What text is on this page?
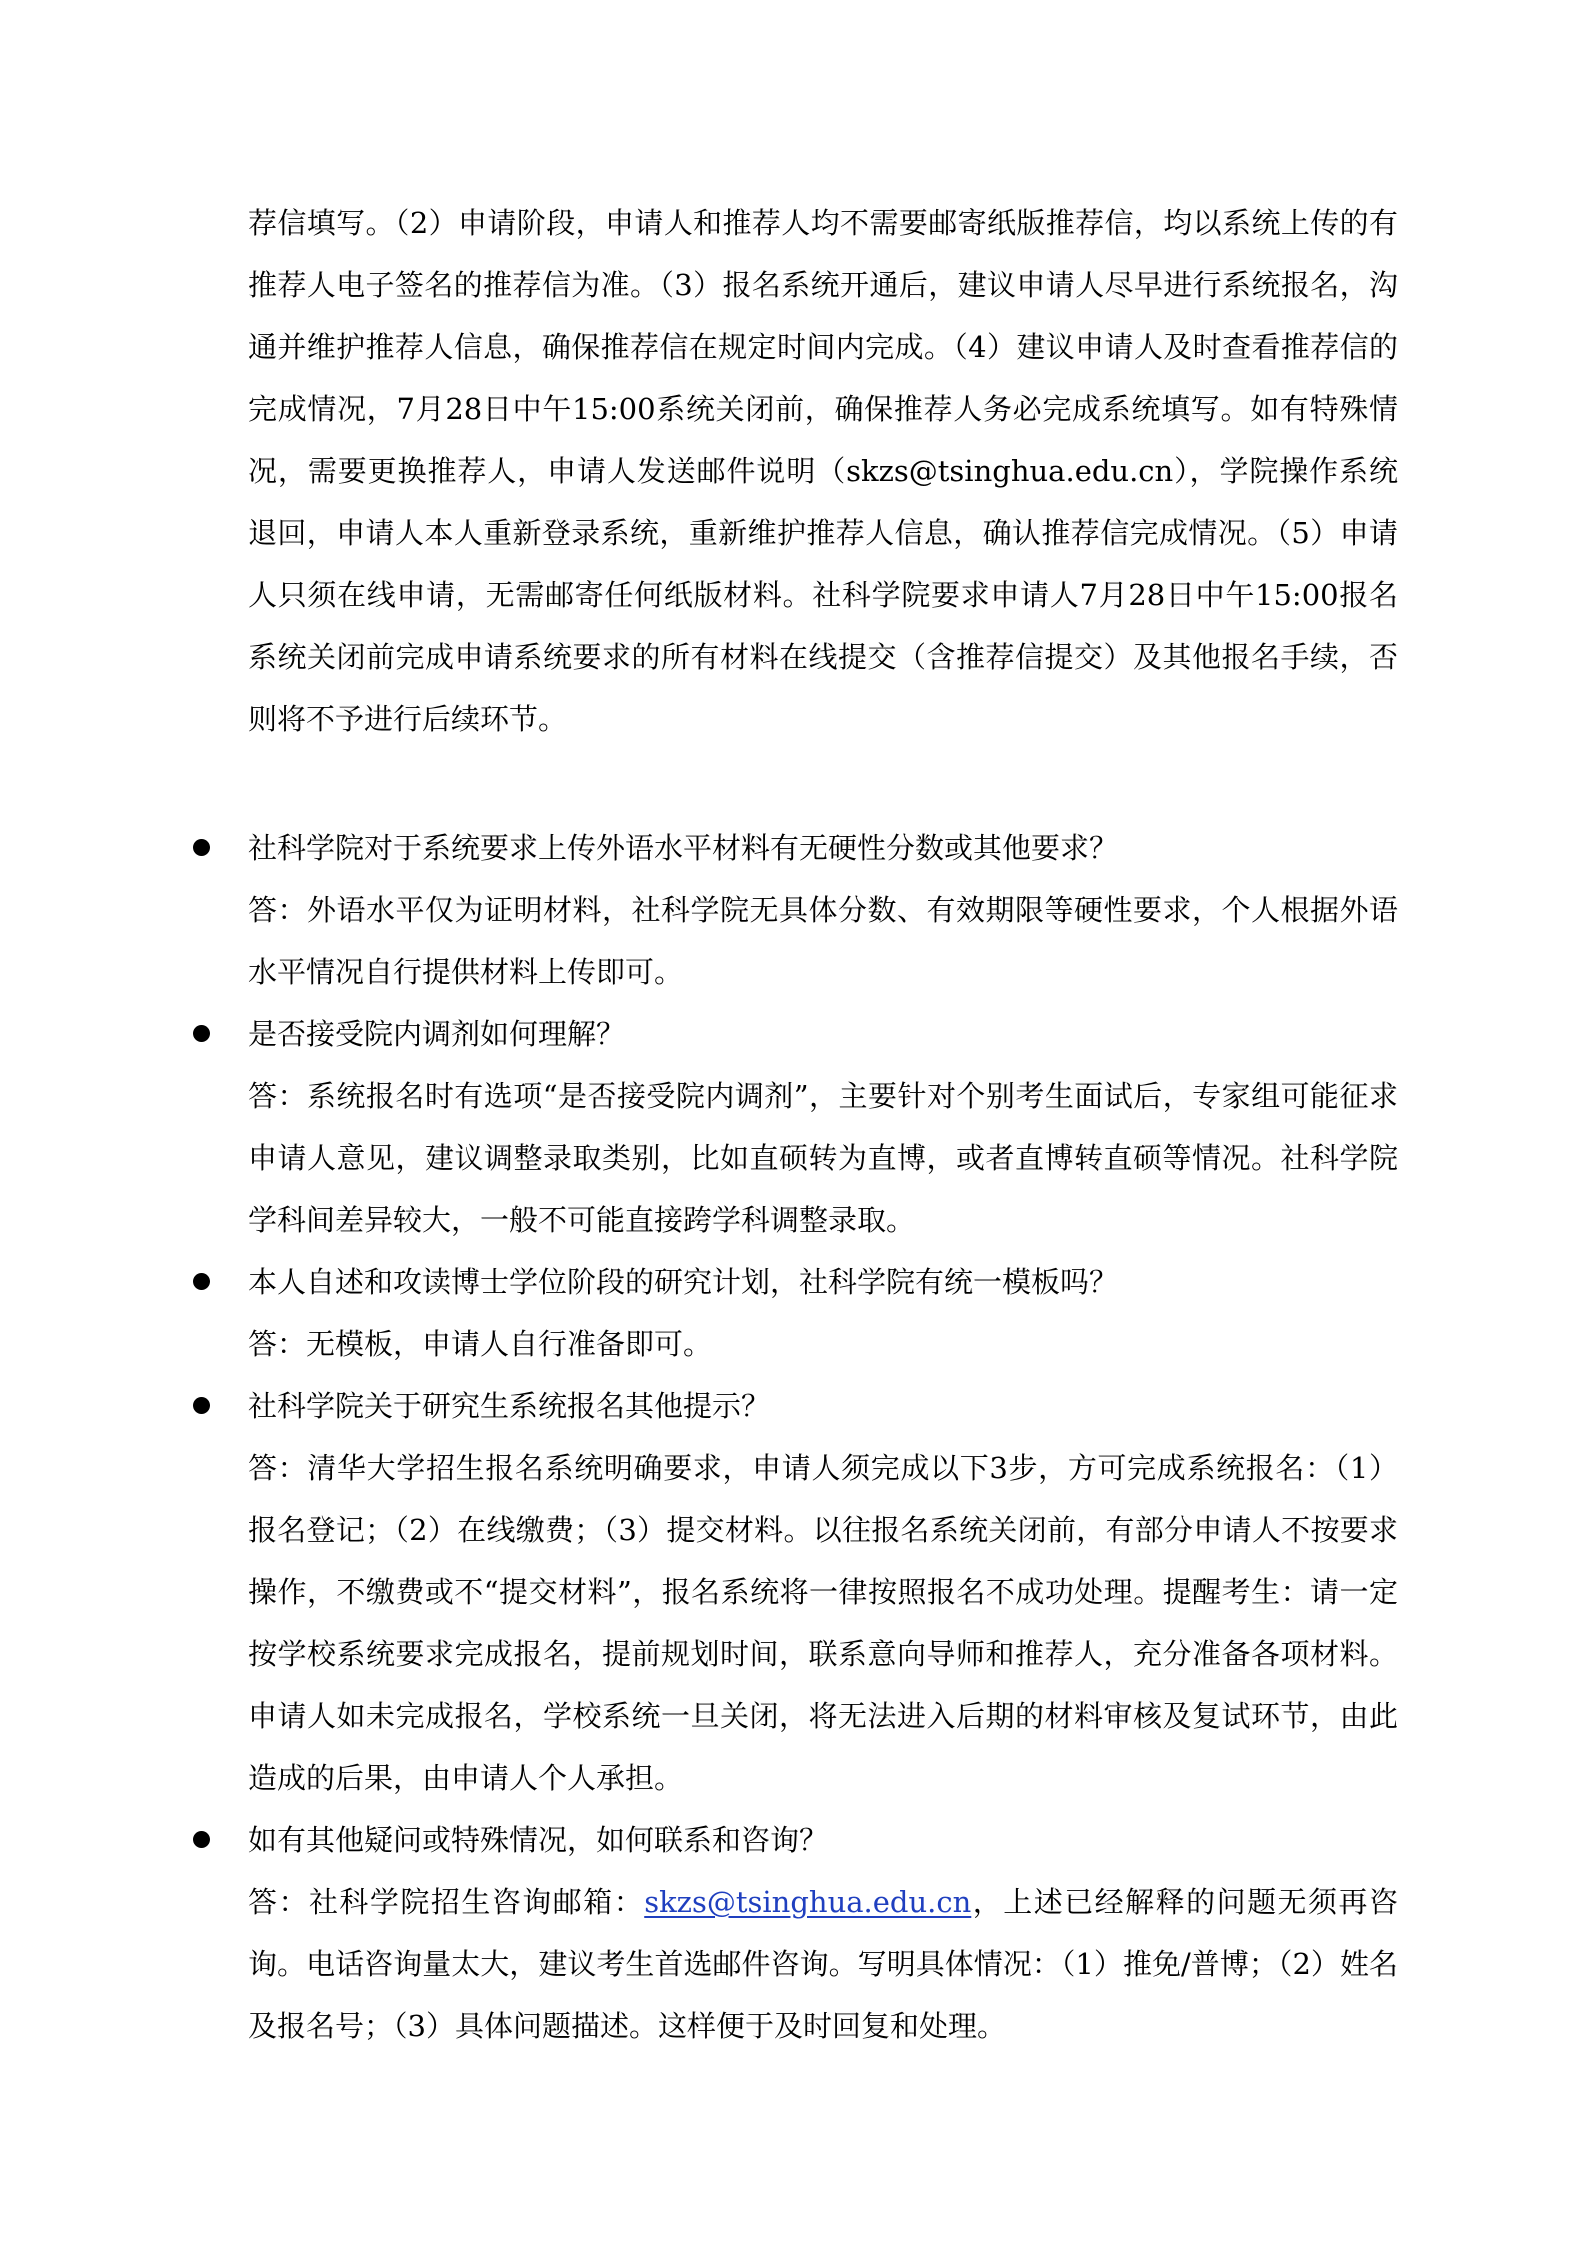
荐信填写。（2）申请阶段，申请人和推荐人均不需要邮寄纸版推荐信，均以系统上传的有推荐人电子签名的推荐信为准。（3）报名系统开通后，建议申请人尽早进行系统报名，沟通并维护推荐人信息，确保推荐信在规定时间内完成。（4）建议申请人及时查看推荐信的完成情况，7月28日中午15:00系统关闭前，确保推荐人务必完成系统填写。如有特殊情况，需要更换推荐人，申请人发送邮件说明（skzs@tsinghua.edu.cn），学院操作系统退回，申请人本人重新登录系统，重新维护推荐人信息，确认推荐信完成情况。（5）申请人只须在线申请，无需邮寄任何纸版材料。社科学院要求申请人7月28日中午15:00报名系统关闭前完成申请系统要求的所有材料在线提交（含推荐信提交）及其他报名手续，否则将不予进行后续环节。

社科学院对于系统要求上传外语水平材料有无硬性分数或其他要求？

答：外语水平仅为证明材料，社科学院无具体分数、有效期限等硬性要求，个人根据外语水平情况自行提供材料上传即可。

是否接受院内调剂如何理解？

答：系统报名时有选项“是否接受院内调剂”，主要针对个别考生面试后，专家组可能征求申请人意见，建议调整录取类别，比如直硕转为直博，或者直博转直硕等情况。社科学院学科间差异较大，一般不可能直接跨学科调整录取。

本人自述和攻读博士学位阶段的研究计划，社科学院有统一模板吗？

答：无模板，申请人自行准备即可。

社科学院关于研究生系统报名其他提示？

答：清华大学招生报名系统明确要求，申请人须完成以下3步，方可完成系统报名：（1）报名登记；（2）在线缴费；（3）提交材料。以往报名系统关闭前，有部分申请人不按要求操作，不缴费或不“提交材料”，报名系统将一律按照报名不成功处理。提醒考生：请一定按学校系统要求完成报名，提前规划时间，联系意向导师和推荐人，充分准备各项材料。申请人如未完成报名，学校系统一旦关闭，将无法进入后期的材料审核及复试环节，由此造成的后果，由申请人个人承担。

如有其他疑问或特殊情况，如何联系和咨询？

答：社科学院招生咨询邮箱：skzs@tsinghua.edu.cn，上述已经解释的问题无须再咨询。电话咨询量太大，建议考生首选邮件咨询。写明具体情况：（1）推免/普博；（2）姓名及报名号；（3）具体问题描述。这样便于及时回复和处理。
